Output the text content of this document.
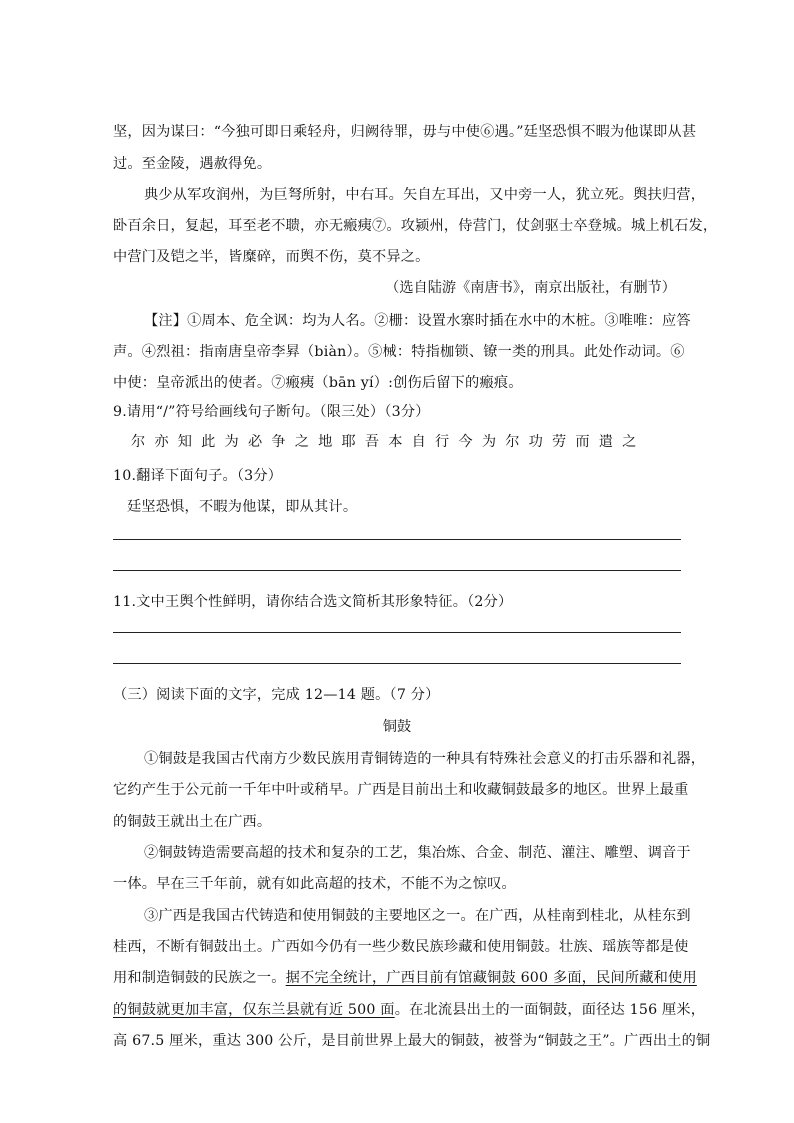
坚，因为谋曰：“今独可即日乘轻舟，归阙待罪，毋与中使⑥遇。”廷坚恐惧不暇为他谋即从甚
过。至金陵，遇赦得免。
典少从军攻润州，为巨弩所射，中右耳。矢自左耳出，又中旁一人，犹立死。舆扶归营，
卧百余日，复起，耳至老不聩，亦无瘢痍⑦。攻颍州，侍营门，仗剑驱士卒登城。城上机石发，
中营门及铠之半，皆糜碎，而舆不伤，莫不异之。
（选自陆游《南唐书》，南京出版社，有删节）
【注】①周本、危全讽：均为人名。②栅：设置水寨时插在水中的木桩。③唯唯：应答
声。④烈祖：指南唐皇帝李昪（biàn）。⑤械：特指枷锁、镣一类的刑具。此处作动词。⑥
中使：皇帝派出的使者。⑦瘢痍（bān yí）:创伤后留下的瘢痕。
9.请用“/”符号给画线句子断句。（限三处）（3分）
尔亦知此为必争之地耶吾本自行今为尔功劳而遣之
10.翻译下面句子。（3分）
廷坚恐惧，不暇为他谋，即从其计。
11.文中王舆个性鲜明，请你结合选文简析其形象特征。（2分）
（三）阅读下面的文字，完成 12—14 题。（7 分）
铜鼓
①铜鼓是我国古代南方少数民族用青铜铸造的一种具有特殊社会意义的打击乐器和礼器，
它约产生于公元前一千年中叶或稍早。广西是目前出土和收藏铜鼓最多的地区。世界上最重
的铜鼓王就出土在广西。
②铜鼓铸造需要高超的技术和复杂的工艺，集冶炼、合金、制范、灌注、雕塑、调音于
一体。早在三千年前，就有如此高超的技术，不能不为之惊叹。
③广西是我国古代铸造和使用铜鼓的主要地区之一。在广西，从桂南到桂北，从桂东到
桂西，不断有铜鼓出土。广西如今仍有一些少数民族珍藏和使用铜鼓。壮族、瑶族等都是使
用和制造铜鼓的民族之一。据不完全统计，广西目前有馆藏铜鼓 600 多面，民间所藏和使用
的铜鼓就更加丰富，仅东兰县就有近 500 面。在北流县出土的一面铜鼓，面径达 156 厘米，
高 67.5 厘米，重达 300 公斤，是目前世界上最大的铜鼓，被誉为“铜鼓之王”。广西出土的铜
